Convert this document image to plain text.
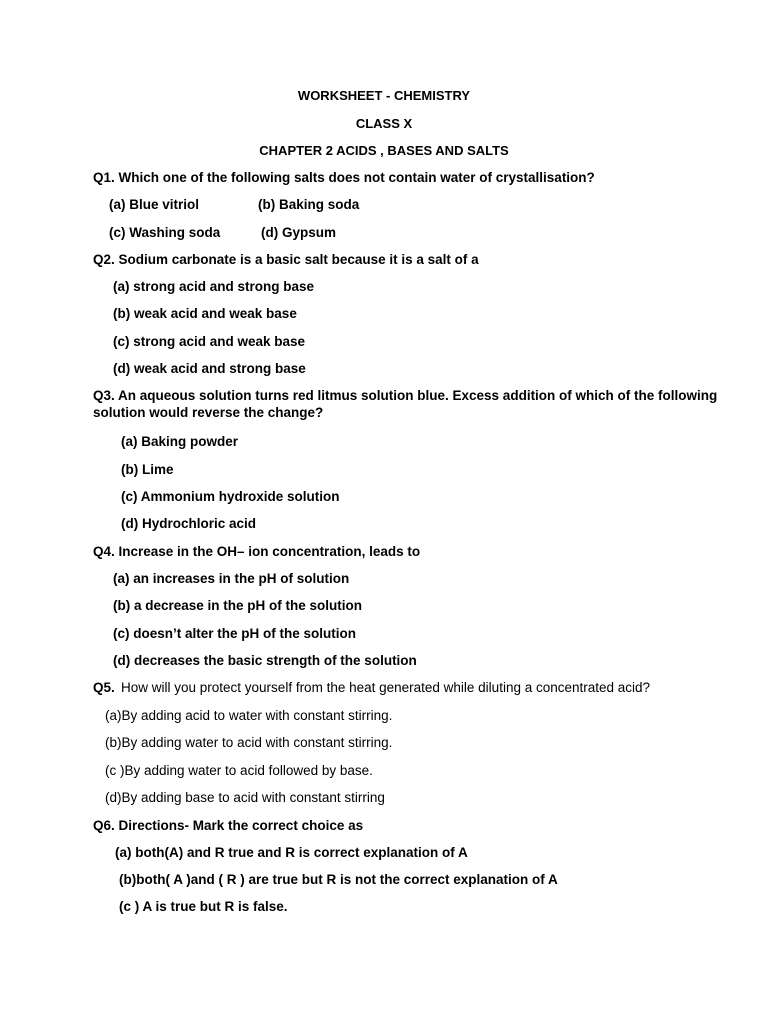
WORKSHEET - CHEMISTRY
CLASS X
CHAPTER 2 ACIDS , BASES AND SALTS
Q1. Which one of the following salts does not contain water of crystallisation?
(a) Blue vitriol	(b) Baking soda
(c) Washing soda	(d) Gypsum
Q2. Sodium carbonate is a basic salt because it is a salt of a
(a) strong acid and strong base
(b) weak acid and weak base
(c) strong acid and weak base
(d) weak acid and strong base
Q3. An aqueous solution turns red litmus solution blue. Excess addition of which of the following
solution would reverse the change?
(a) Baking powder
(b) Lime
(c) Ammonium hydroxide solution
(d) Hydrochloric acid
Q4. Increase in the OH– ion concentration, leads to
(a) an increases in the pH of solution
(b) a decrease in the pH of the solution
(c) doesn’t alter the pH of the solution
(d) decreases the basic strength of the solution
Q5. How will you protect yourself from the heat generated while diluting a concentrated acid?
(a)By adding acid to water with constant stirring.
(b)By adding water to acid with constant stirring.
(c )By adding water to acid followed by base.
(d)By adding base to acid with constant stirring
Q6. Directions- Mark the correct choice as
(a) both(A) and R true and R is correct explanation of A
(b)both( A )and ( R ) are true but R is not the correct explanation of A
(c ) A is true but R is false.
